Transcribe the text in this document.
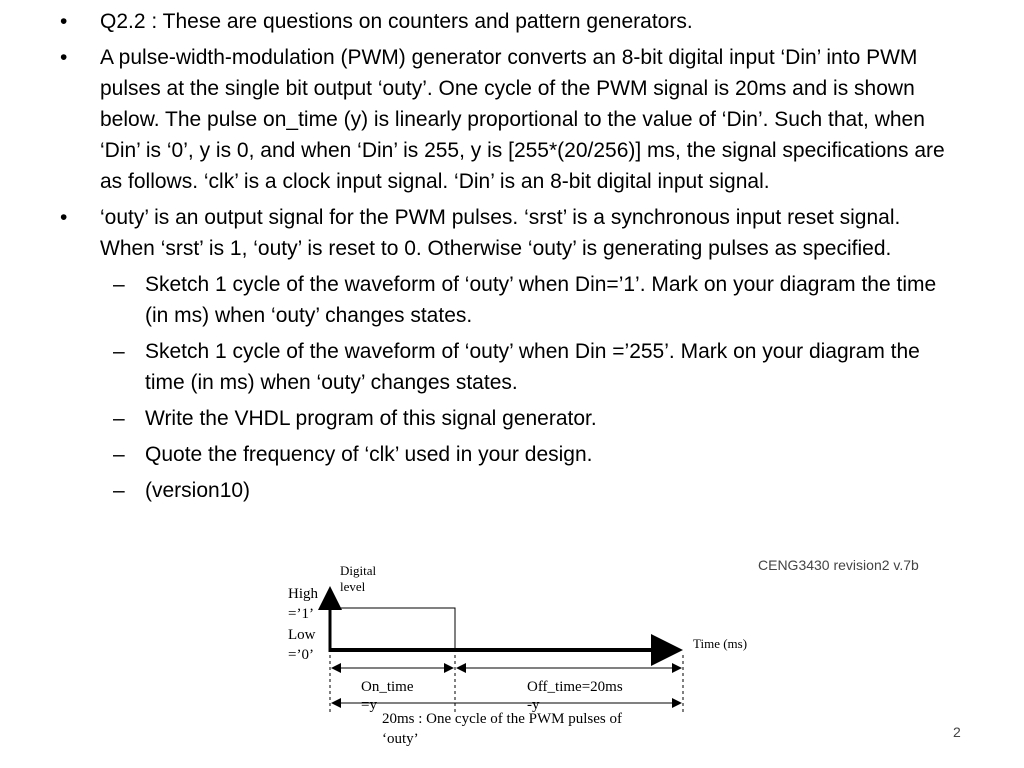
• Q2.2 : These are questions on counters and pattern generators.
• A pulse-width-modulation (PWM) generator converts an 8-bit digital input ‘Din’ into PWM pulses at the single bit output ‘outy’. One cycle of the PWM signal is 20ms and is shown below. The pulse on_time (y) is linearly proportional to the value of ‘Din’. Such that, when ‘Din’ is ‘0’, y is 0, and when ‘Din’ is 255, y is [255*(20/256)] ms, the signal specifications are as follows. ‘clk’ is a clock input signal. ‘Din’ is an 8-bit digital input signal.
• ‘outy’ is an output signal for the PWM pulses. ‘srst’ is a synchronous input reset signal. When ‘srst’ is 1, ‘outy’ is reset to 0. Otherwise ‘outy’ is generating pulses as specified.
– Sketch 1 cycle of the waveform of ‘outy’ when Din=’1’. Mark on your diagram the time (in ms) when ‘outy’ changes states.
– Sketch 1 cycle of the waveform of ‘outy’ when Din =’255’. Mark on your diagram the time (in ms) when ‘outy’ changes states.
– Write the VHDL program of this signal generator.
– Quote the frequency of ‘clk’ used in your design.
– (version10)
CENG3430 revision2 v.7b
2
Digital
level
High
=’1’
Low
=’0’
Time (ms)
On_time
=y
Off_time=20ms
-y
20ms : One cycle of the PWM pulses of
‘outy’
